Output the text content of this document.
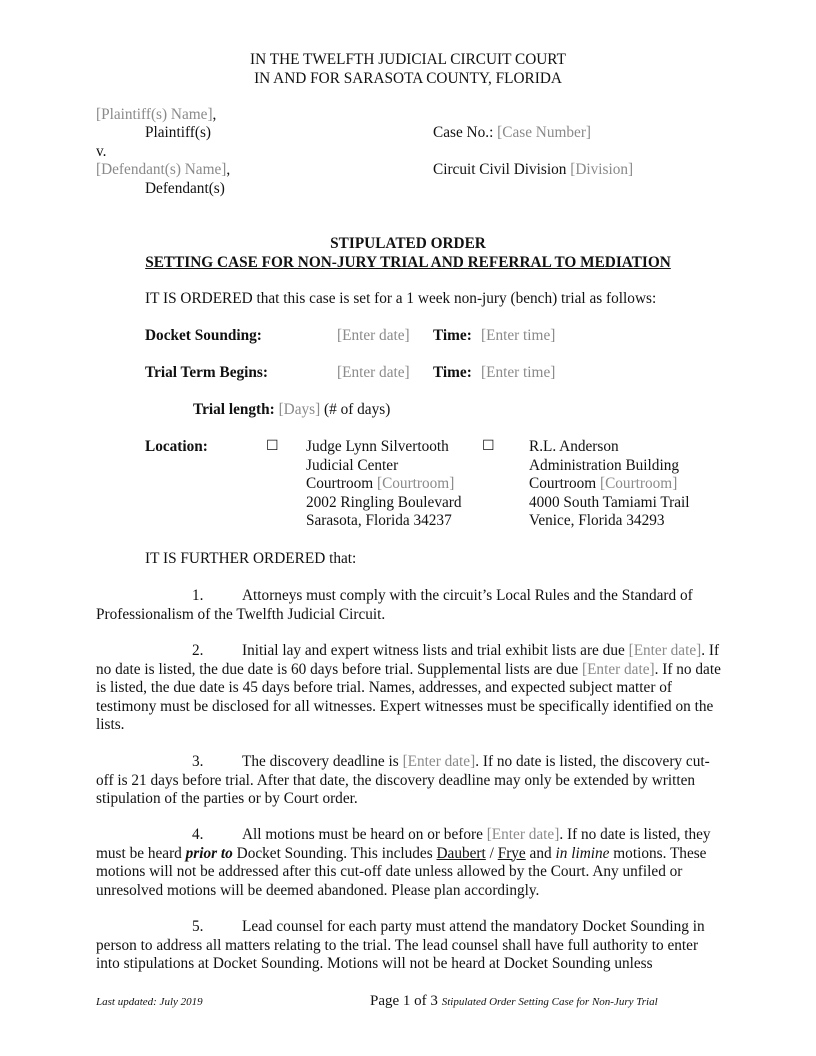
IN THE TWELFTH JUDICIAL CIRCUIT COURT
IN AND FOR SARASOTA COUNTY, FLORIDA
[Plaintiff(s) Name],
Plaintiff(s)
v.
[Defendant(s) Name],
Defendant(s)
Case No.: [Case Number]
Circuit Civil Division [Division]
STIPULATED ORDER
SETTING CASE FOR NON-JURY TRIAL AND REFERRAL TO MEDIATION
IT IS ORDERED that this case is set for a 1 week non-jury (bench) trial as follows:
Docket Sounding:	[Enter date] Time: [Enter time]
Trial Term Begins:	[Enter date] Time: [Enter time]
Trial length: [Days] (# of days)
Location:	☐ Judge Lynn Silvertooth
Judicial Center
Courtroom [Courtroom]
2002 Ringling Boulevard
Sarasota, Florida 34237
☐ R.L. Anderson
Administration Building
Courtroom [Courtroom]
4000 South Tamiami Trail
Venice, Florida 34293
IT IS FURTHER ORDERED that:
1.	Attorneys must comply with the circuit’s Local Rules and the Standard of Professionalism of the Twelfth Judicial Circuit.
2.	Initial lay and expert witness lists and trial exhibit lists are due [Enter date]. If no date is listed, the due date is 60 days before trial. Supplemental lists are due [Enter date]. If no date is listed, the due date is 45 days before trial. Names, addresses, and expected subject matter of testimony must be disclosed for all witnesses. Expert witnesses must be specifically identified on the lists.
3.	The discovery deadline is [Enter date]. If no date is listed, the discovery cut-off is 21 days before trial. After that date, the discovery deadline may only be extended by written stipulation of the parties or by Court order.
4.	All motions must be heard on or before [Enter date]. If no date is listed, they must be heard prior to Docket Sounding. This includes Daubert / Frye and in limine motions. These motions will not be addressed after this cut-off date unless allowed by the Court. Any unfiled or unresolved motions will be deemed abandoned. Please plan accordingly.
5.	Lead counsel for each party must attend the mandatory Docket Sounding in person to address all matters relating to the trial. The lead counsel shall have full authority to enter into stipulations at Docket Sounding. Motions will not be heard at Docket Sounding unless
Last updated: July 2019	Page 1 of 3 Stipulated Order Setting Case for Non-Jury Trial
